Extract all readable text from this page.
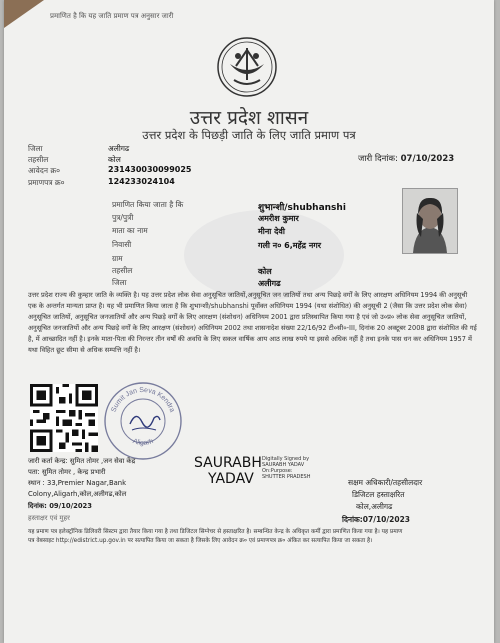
प्रमाणित है कि यह जाति प्रमाण पत्र अनुसार जारी
उत्तर प्रदेश शासन
उत्तर प्रदेश के पिछड़ी जाति के लिए जाति प्रमाण पत्र
जिला	अलीगढ
तहसील	कोल
आवेदन क्र०	231430030099025
प्रमाणपत्र क्र०	124233024104
जारी दिनांक: 07/10/2023
प्रमाणित किया जाता है कि	शुभान्शी/shubhanshi
पुत्र/पुत्री	अमरीश कुमार
माता का नाम	मीना देवी
निवासी	गली न० 6,महेंद्र नगर
ग्राम
तहसील	कोल
जिला	अलीगढ
उत्तर प्रदेश राज्य की कुम्हार जाति के व्यक्ति है। यह उत्तर प्रदेश लोक सेवा अनुसूचित जातियों,अनुसूचित जन जातियों तथा अन्य पिछड़े वर्गों के लिए आरक्षण अधिनियम 1994 की अनुसूची एक के अन्तर्गत मान्यता प्राप्त है। यह भी प्रमाणित किया जाता है कि शुभान्शी/shubhanshi पूर्वोक्त अधिनियम 1994 (यथा संशोधित) की अनुसूची 2 (जैसा कि उत्तर प्रदेश लोक सेवा) अनुसूचित जातियों, अनुसूचित जनजातियों और अन्य पिछड़े वर्गों के लिए आरक्षण (संशोधन) अधिनियम 2001 द्वारा प्रतिस्थापित किया गया है एवं जो उ०प्र० लोक सेवा अनुसूचित जातियों, अनुसूचित जनजातियों और अन्य पिछड़े वर्गों के लिए आरक्षण (संशोधन) अधिनियम 2002 तथा शासनादेश संख्या 22/16/92 टी०सी०-III, दिनांक 20 अक्टूबर 2008 द्वारा संशोधित की गई है, में आच्छादित नहीं है। इनके माता-पिता की निरन्तर तीन वर्षों की अवधि के लिए सकल वार्षिक आय आठ लाख रुपये या इससे अधिक नहीं है तथा इनके पास धन कर अधिनियम 1957 में यथा विहित छूट सीमा से अधिक सम्पत्ति नहीं है।
Sumit Jan Seva Kendra
Aligarh
जारी कर्ता केन्द्र: सुमित तोमर ,जन सेवा केंद्र
पता: सुमित तोमर , केन्द्र प्रभारी
स्थान : 33,Premier Nagar,Bank
Colony,Aligarh,कोल,अलीगढ,कोल
दिनांक: 09/10/2023
हस्ताक्षर एवं मुहर
SAURABH
YADAV
Digitally Signed by SAURABH YADAV On:Purpose: SHUTTER PRADESH
सक्षम अधिकारी/तहसीलदार
डिजिटल हस्ताक्षरित
कोल,अलीगढ
दिनांक:07/10/2023
यह प्रमाण पत्र इलेक्ट्रॉनिक डिलिवरी सिस्टम द्वारा तैयार किया गया है तथा डिजिटल सिग्नेचर से हस्ताक्षरित है। सम्बन्धित केन्द्र के अधिकृत कर्मी द्वारा प्रमाणित किया गया है। यह प्रमाण
पत्र वेबसाइट http://edistrict.up.gov.in पर सत्यापित किया जा सकता है जिसके लिए आवेदन क्र० एवं प्रमाणपत्र क्र० अंकित कर सत्यापित किया जा सकता है।
